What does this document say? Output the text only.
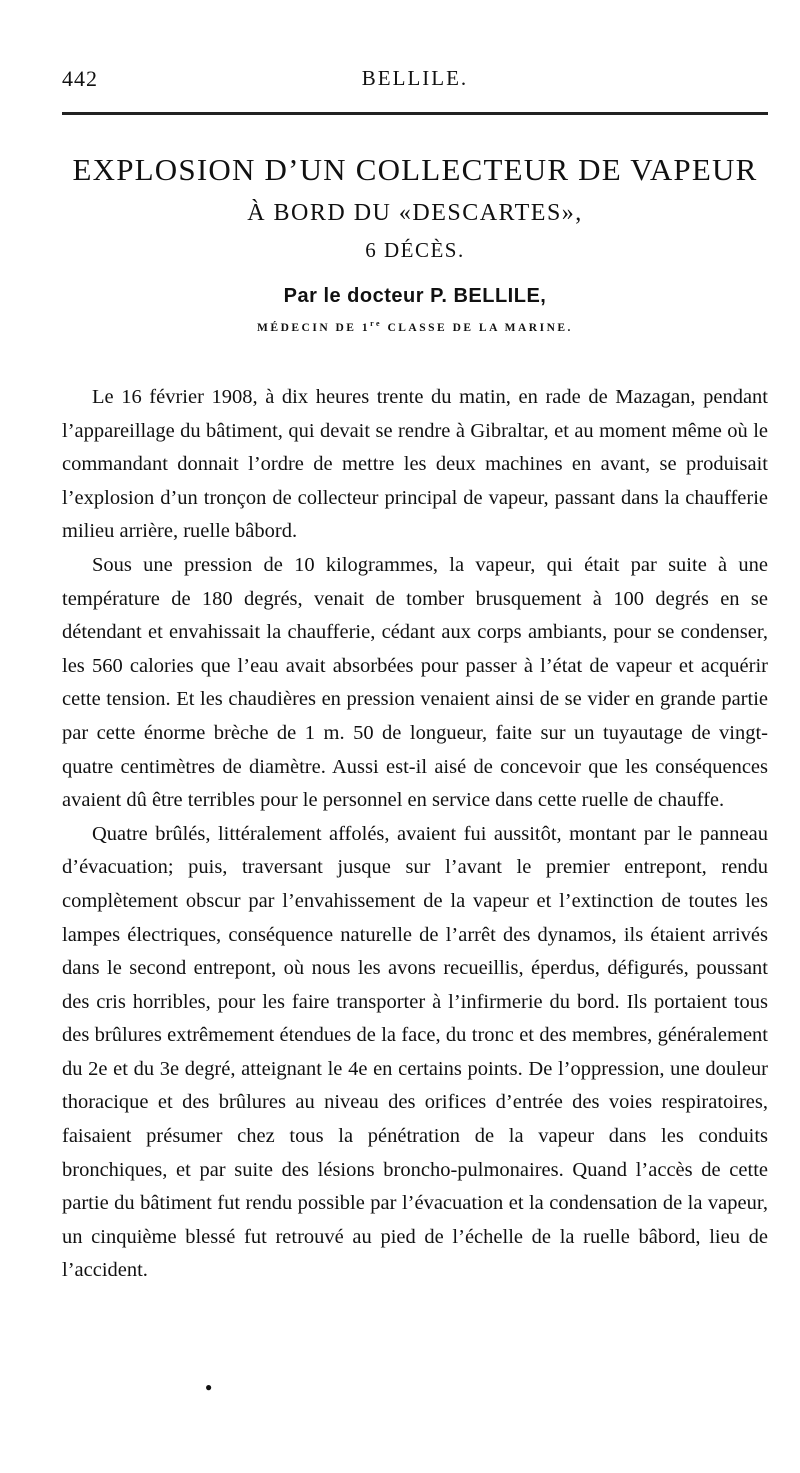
442	BELLILE.
EXPLOSION D’UN COLLECTEUR DE VAPEUR
À BORD DU «DESCARTES»,
6 DÉCÈS.
Par le docteur P. BELLILE,
MÉDECIN DE 1re CLASSE DE LA MARINE.

Le 16 février 1908, à dix heures trente du matin, en rade de Mazagan, pendant l’appareillage du bâtiment, qui devait se rendre à Gibraltar, et au moment même où le commandant donnait l’ordre de mettre les deux machines en avant, se produisait l’explosion d’un tronçon de collecteur principal de vapeur, passant dans la chaufferie milieu arrière, ruelle bâbord.

Sous une pression de 10 kilogrammes, la vapeur, qui était par suite à une température de 180 degrés, venait de tomber brusquement à 100 degrés en se détendant et envahissait la chaufferie, cédant aux corps ambiants, pour se condenser, les 560 calories que l’eau avait absorbées pour passer à l’état de vapeur et acquérir cette tension. Et les chaudières en pression venaient ainsi de se vider en grande partie par cette énorme brèche de 1 m. 50 de longueur, faite sur un tuyautage de vingt-quatre centimètres de diamètre. Aussi est-il aisé de concevoir que les conséquences avaient dû être terribles pour le personnel en service dans cette ruelle de chauffe.

Quatre brûlés, littéralement affolés, avaient fui aussitôt, montant par le panneau d’évacuation; puis, traversant jusque sur l’avant le premier entrepont, rendu complètement obscur par l’envahissement de la vapeur et l’extinction de toutes les lampes électriques, conséquence naturelle de l’arrêt des dynamos, ils étaient arrivés dans le second entrepont, où nous les avons recueillis, éperdus, défigurés, poussant des cris horribles, pour les faire transporter à l’infirmerie du bord. Ils portaient tous des brûlures extrêmement étendues de la face, du tronc et des membres, généralement du 2e et du 3e degré, atteignant le 4e en certains points. De l’oppression, une douleur thoracique et des brûlures au niveau des orifices d’entrée des voies respiratoires, faisaient présumer chez tous la pénétration de la vapeur dans les conduits bronchiques, et par suite des lésions broncho-pulmonaires. Quand l’accès de cette partie du bâtiment fut rendu possible par l’évacuation et la condensation de la vapeur, un cinquième blessé fut retrouvé au pied de l’échelle de la ruelle bâbord, lieu de l’accident.

●
